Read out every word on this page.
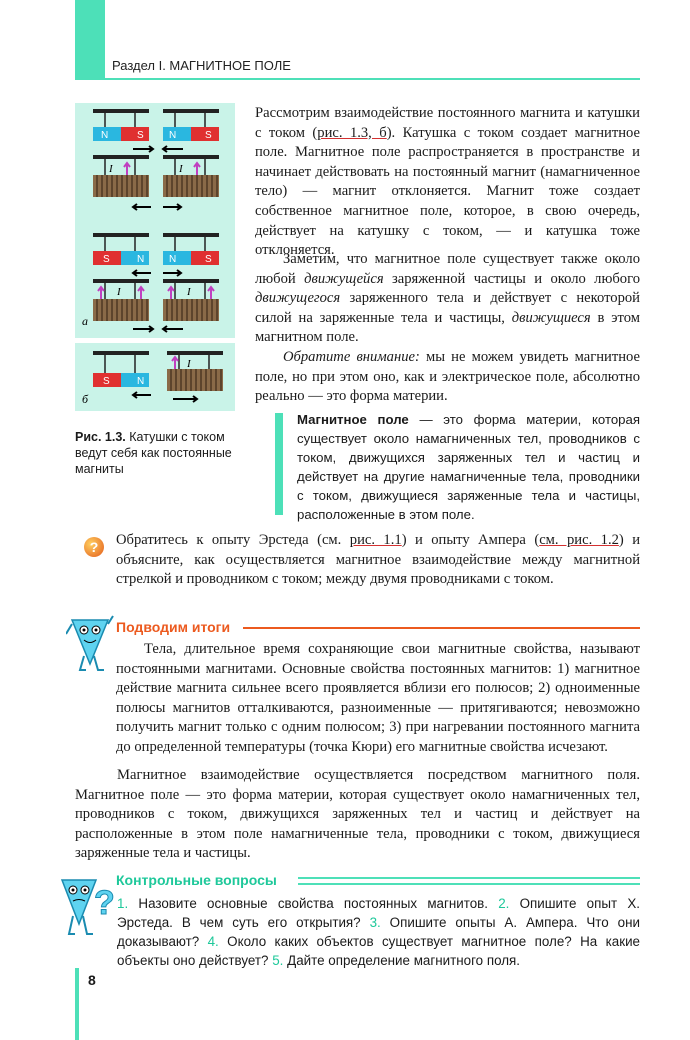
Раздел I. МАГНИТНОЕ ПОЛЕ
N	S	N	S
I	I
S	N N	S
I	I
а
S	N
I
б
Рис. 1.3. Катушки с током ведут себя как постоянные магниты
Рассмотрим взаимодействие постоянного магнита и катушки с током (рис. 1.3, б). Катушка с током создает магнитное поле. Магнитное поле распространяется в пространстве и начинает действовать на постоянный магнит (намагниченное тело) — магнит отклоняется. Магнит тоже создает собственное магнитное поле, которое, в свою очередь, действует на катушку с током, — и катушка тоже отклоняется.
Заметим, что магнитное поле существует также около любой движущейся заряженной частицы и около любого движущегося заряженного тела и действует с некоторой силой на заряженные тела и частицы, движущиеся в этом магнитном поле.
Обратите внимание: мы не можем увидеть магнитное поле, но при этом оно, как и электрическое поле, абсолютно реально — это форма материи.
Магнитное поле — это форма материи, которая существует около намагниченных тел, проводников с током, движущихся заряженных тел и частиц и действует на другие намагниченные тела, проводники с током, движущиеся заряженные тела и частицы, расположенные в этом поле.
?	Обратитесь к опыту Эрстеда (см. рис. 1.1) и опыту Ампера (см. рис. 1.2) и объясните, как осуществляется магнитное взаимодействие между магнитной стрелкой и проводником с током; между двумя проводниками с током.
Подводим итоги
Тела, длительное время сохраняющие свои магнитные свойства, называют постоянными магнитами. Основные свойства постоянных магнитов: 1) магнитное действие магнита сильнее всего проявляется вблизи его полюсов; 2) одноименные полюсы магнитов отталкиваются, разноименные — притягиваются; невозможно получить магнит только с одним полюсом; 3) при нагревании постоянного магнита до определенной температуры (точка Кюри) его магнитные свойства исчезают.
Магнитное взаимодействие осуществляется посредством магнитного поля. Магнитное поле — это форма материи, которая существует около намагниченных тел, проводников с током, движущихся заряженных тел и частиц и действует на расположенные в этом поле намагниченные тела, проводники с током, движущиеся заряженные тела и частицы.
?
Контрольные вопросы
1. Назовите основные свойства постоянных магнитов. 2. Опишите опыт Х. Эрстеда. В чем суть его открытия? 3. Опишите опыты А. Ампера. Что они доказывают? 4. Около каких объектов существует магнитное поле? На какие объекты оно действует? 5. Дайте определение магнитного поля.
8
